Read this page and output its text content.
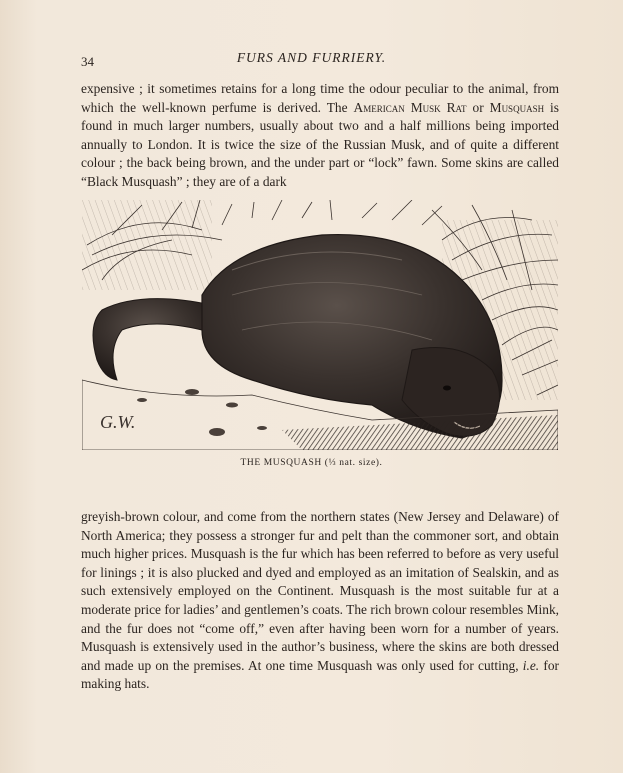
34	FURS AND FURRIERY.

expensive ; it sometimes retains for a long time the odour peculiar to the animal, from which the well-known perfume is derived. The American Musk Rat or Musquash is found in much larger numbers, usually about two and a half millions being imported annually to London. It is twice the size of the Russian Musk, and of quite a different colour ; the back being brown, and the under part or “lock” fawn. Some skins are called “Black Musquash” ; they are of a dark

G.W.
THE MUSQUASH (⅓ nat. size).

greyish-brown colour, and come from the northern states (New Jersey and Delaware) of North America; they possess a stronger fur and pelt than the commoner sort, and obtain much higher prices. Musquash is the fur which has been referred to before as very useful for linings ; it is also plucked and dyed and employed as an imitation of Sealskin, and as such extensively employed on the Continent. Musquash is the most suitable fur at a moderate price for ladies’ and gentlemen’s coats. The rich brown colour resembles Mink, and the fur does not “come off,” even after having been worn for a number of years. Musquash is extensively used in the author’s business, where the skins are both dressed and made up on the premises. At one time Musquash was only used for cutting, i.e. for making hats.
